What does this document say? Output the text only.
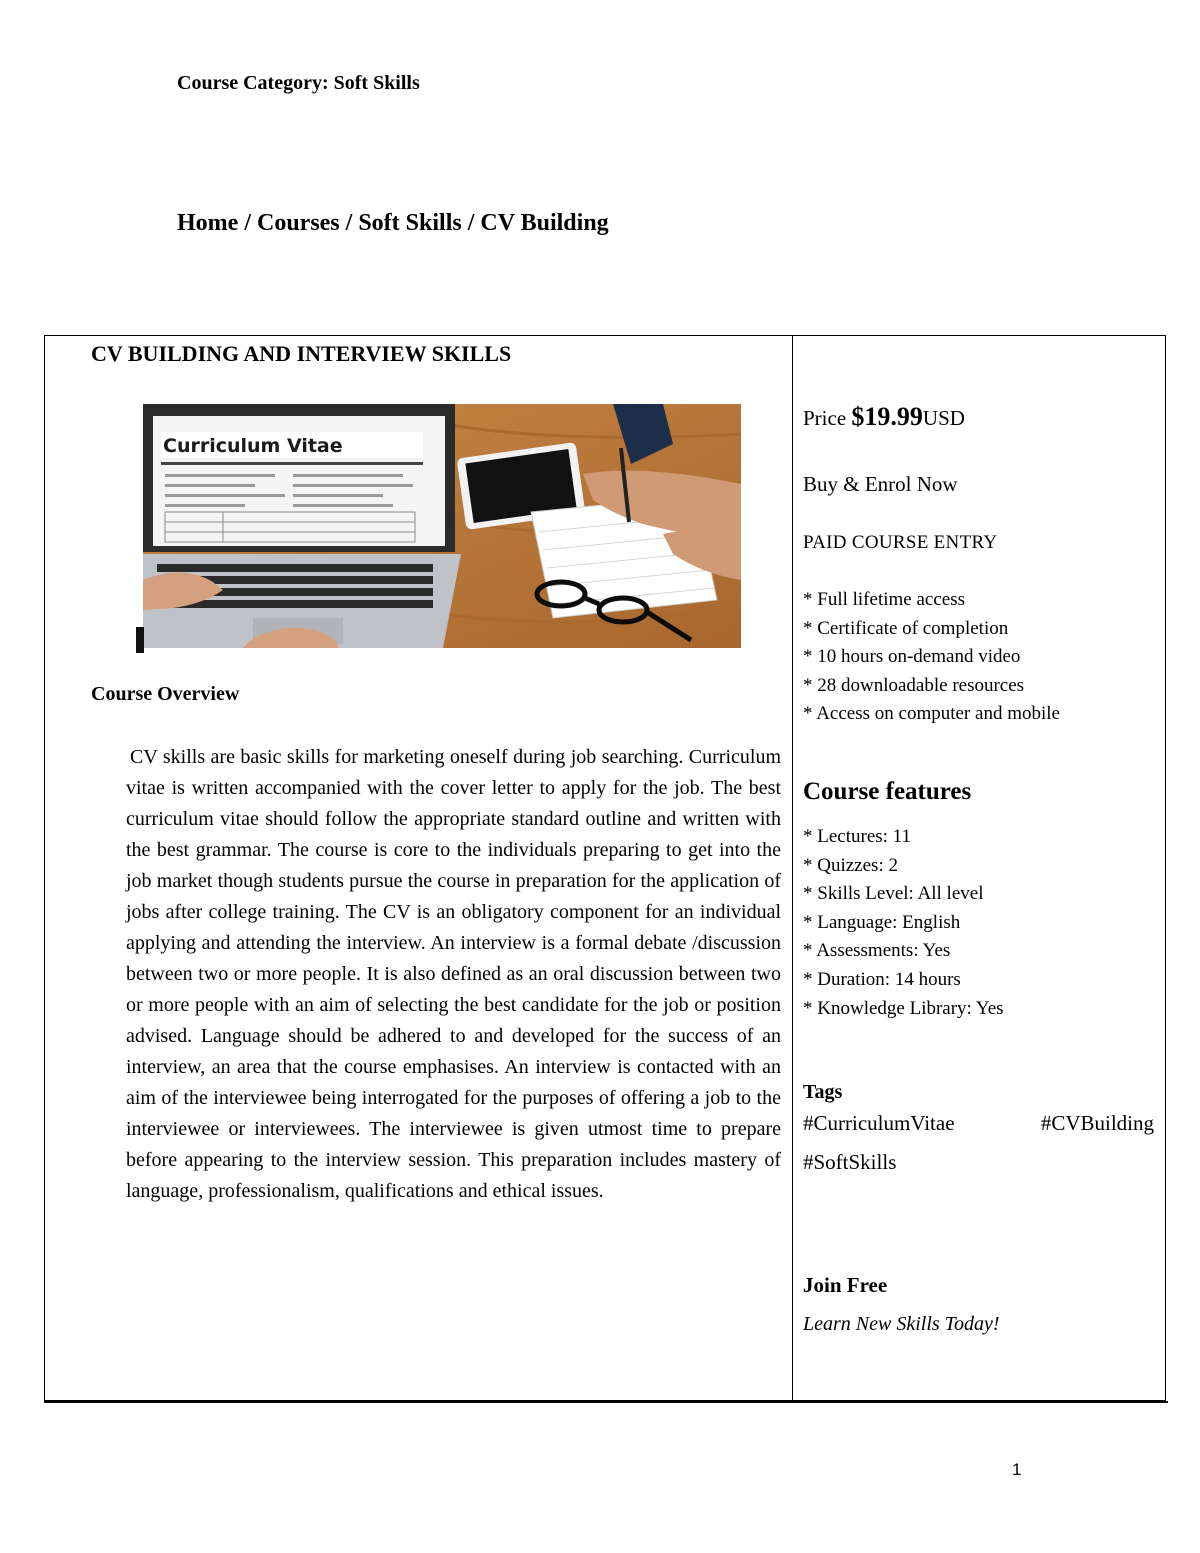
Course Category: Soft Skills
Home / Courses / Soft Skills / CV Building
CV BUILDING AND INTERVIEW SKILLS
Curriculum Vitae
Course Overview
CV skills are basic skills for marketing oneself during job searching. Curriculum vitae is written accompanied with the cover letter to apply for the job. The best curriculum vitae should follow the appropriate standard outline and written with the best grammar. The course is core to the individuals preparing to get into the job market though students pursue the course in preparation for the application of jobs after college training. The CV is an obligatory component for an individual applying and attending the interview. An interview is a formal debate /discussion between two or more people. It is also defined as an oral discussion between two or more people with an aim of selecting the best candidate for the job or position advised. Language should be adhered to and developed for the success of an interview, an area that the course emphasises. An interview is contacted with an aim of the interviewee being interrogated for the purposes of offering a job to the interviewee or interviewees. The interviewee is given utmost time to prepare before appearing to the interview session. This preparation includes mastery of language, professionalism, qualifications and ethical issues.
Price $19.99USD
Buy & Enrol Now
PAID COURSE ENTRY
* Full lifetime access
* Certificate of completion
* 10 hours on-demand video
* 28 downloadable resources
* Access on computer and mobile
Course features
* Lectures: 11
* Quizzes: 2
* Skills Level: All level
* Language: English
* Assessments: Yes
* Duration: 14 hours
* Knowledge Library: Yes
Tags
#CurriculumVitae	#CVBuilding
#SoftSkills
Join Free
Learn New Skills Today!
1
